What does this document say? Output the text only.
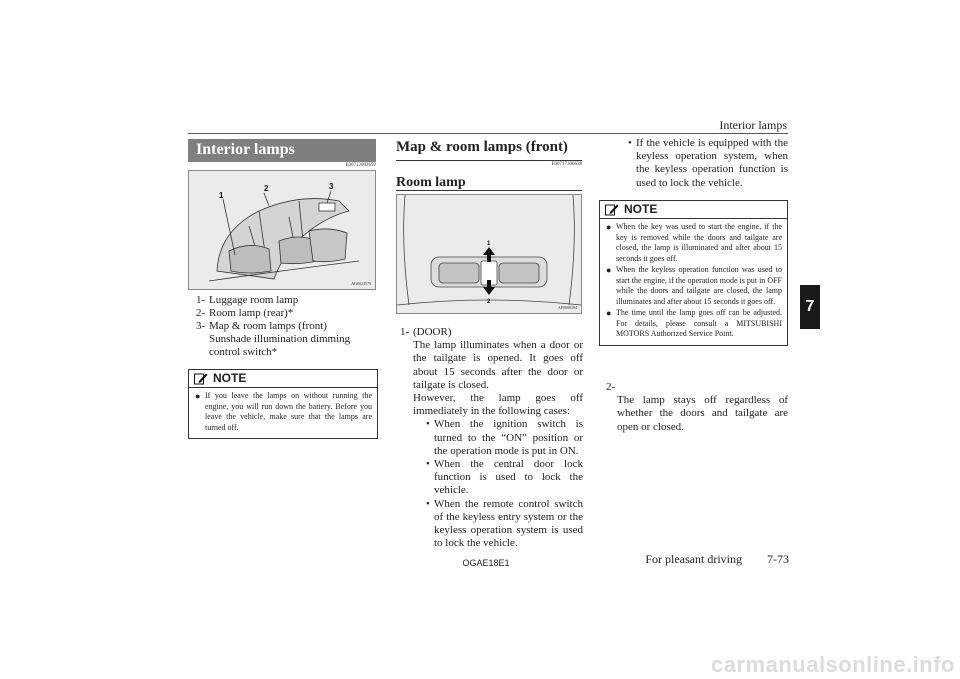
Interior lamps
7
Interior lamps
E00712002692
1
2	3
AG0023579
1- Luggage room lamp
2- Room lamp (rear)*
3- Map & room lamps (front)
Sunshade illumination dimming control switch*
NOTE
● If you leave the lamps on without running the engine, you will run down the battery. Before you leave the vehicle, make sure that the lamps are turned off.
Map & room lamps (front)
E00717300638
Room lamp
1
2
AF0008184
1- (DOOR)
The lamp illuminates when a door or the tailgate is opened. It goes off about 15 seconds after the door or tailgate is closed.
However, the lamp goes off immediately in the following cases:
• When the ignition switch is turned to the “ON” position or the operation mode is put in ON.
• When the central door lock function is used to lock the vehicle.
• When the remote control switch of the keyless entry system or the keyless operation system is used to lock the vehicle.
• If the vehicle is equipped with the keyless operation system, when the keyless operation function is used to lock the vehicle.
NOTE
● When the key was used to start the engine, if the key is removed while the doors and tailgate are closed, the lamp is illuminated and after about 15 seconds it goes off.
● When the keyless operation function was used to start the engine, if the operation mode is put in OFF while the doors and tailgate are closed, the lamp illuminates and after about 15 seconds it goes off.
● The time until the lamp goes off can be adjusted. For details, please consult a MITSUBISHI MOTORS Authorized Service Point.
2-
The lamp stays off regardless of whether the doors and tailgate are open or closed.
OGAE18E1	For pleasant driving	7-73
carmanualsonline.info
